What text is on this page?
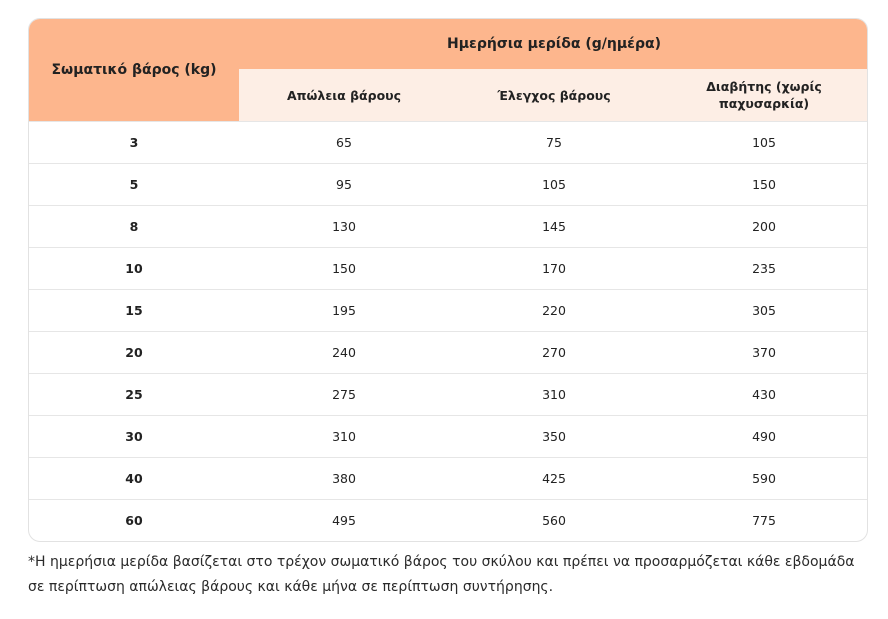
Σωματικό βάρος (kg)	Ημερήσια μερίδα (g/ημέρα)		
	Απώλεια βάρους	Έλεγχος βάρους	Διαβήτης (χωρίς παχυσαρκία)
3	65	75	105
5	95	105	150
8	130	145	200
10	150	170	235
15	195	220	305
20	240	270	370
25	275	310	430
30	310	350	490
40	380	425	590
60	495	560	775

*Η ημερήσια μερίδα βασίζεται στο τρέχον σωματικό βάρος του σκύλου και πρέπει να προσαρμόζεται κάθε εβδομάδα σε περίπτωση απώλειας βάρους και κάθε μήνα σε περίπτωση συντήρησης.
